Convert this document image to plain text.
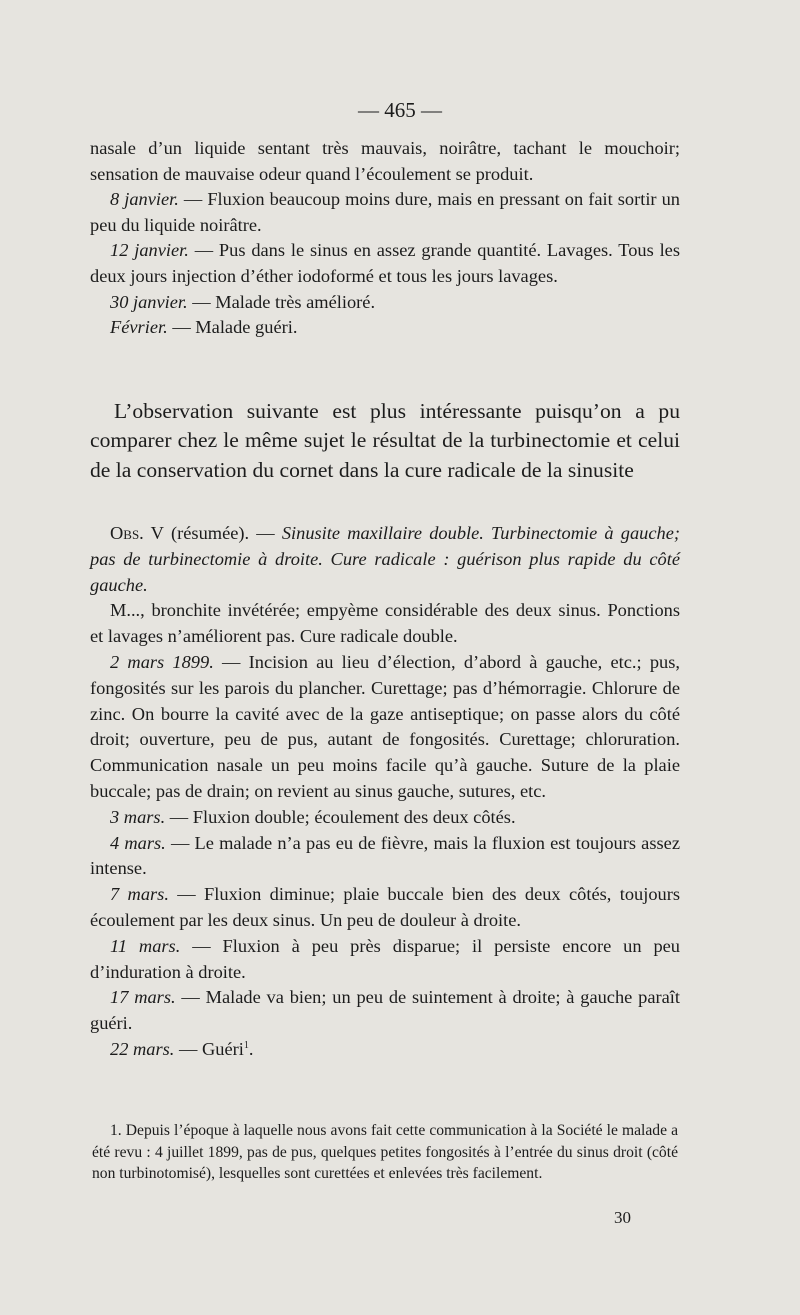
— 465 —

nasale d’un liquide sentant très mauvais, noirâtre, tachant le mouchoir; sensation de mauvaise odeur quand l’écoulement se produit.

8 janvier. — Fluxion beaucoup moins dure, mais en pressant on fait sortir un peu du liquide noirâtre.

12 janvier. — Pus dans le sinus en assez grande quantité. Lavages. Tous les deux jours injection d’éther iodoformé et tous les jours lavages.

30 janvier. — Malade très amélioré.

Février. — Malade guéri.

L’observation suivante est plus intéressante puisqu’on a pu comparer chez le même sujet le résultat de la turbinectomie et celui de la conservation du cornet dans la cure radicale de la sinusite

Obs. V (résumée). — Sinusite maxillaire double. Turbinectomie à gauche; pas de turbinectomie à droite. Cure radicale : guérison plus rapide du côté gauche.

M..., bronchite invétérée; empyème considérable des deux sinus. Ponctions et lavages n’améliorent pas. Cure radicale double.

2 mars 1899. — Incision au lieu d’élection, d’abord à gauche, etc.; pus, fongosités sur les parois du plancher. Curettage; pas d’hémorragie. Chlorure de zinc. On bourre la cavité avec de la gaze antiseptique; on passe alors du côté droit; ouverture, peu de pus, autant de fongosités. Curettage; chloruration. Communication nasale un peu moins facile qu’à gauche. Suture de la plaie buccale; pas de drain; on revient au sinus gauche, sutures, etc.

3 mars. — Fluxion double; écoulement des deux côtés.

4 mars. — Le malade n’a pas eu de fièvre, mais la fluxion est toujours assez intense.

7 mars. — Fluxion diminue; plaie buccale bien des deux côtés, toujours écoulement par les deux sinus. Un peu de douleur à droite.

11 mars. — Fluxion à peu près disparue; il persiste encore un peu d’induration à droite.

17 mars. — Malade va bien; un peu de suintement à droite; à gauche paraît guéri.

22 mars. — Guéri$^1$.

1. Depuis l’époque à laquelle nous avons fait cette communication à la Société le malade a été revu : 4 juillet 1899, pas de pus, quelques petites fongosités à l’entrée du sinus droit (côté non turbinotomisé), lesquelles sont curettées et enlevées très facilement.

30
